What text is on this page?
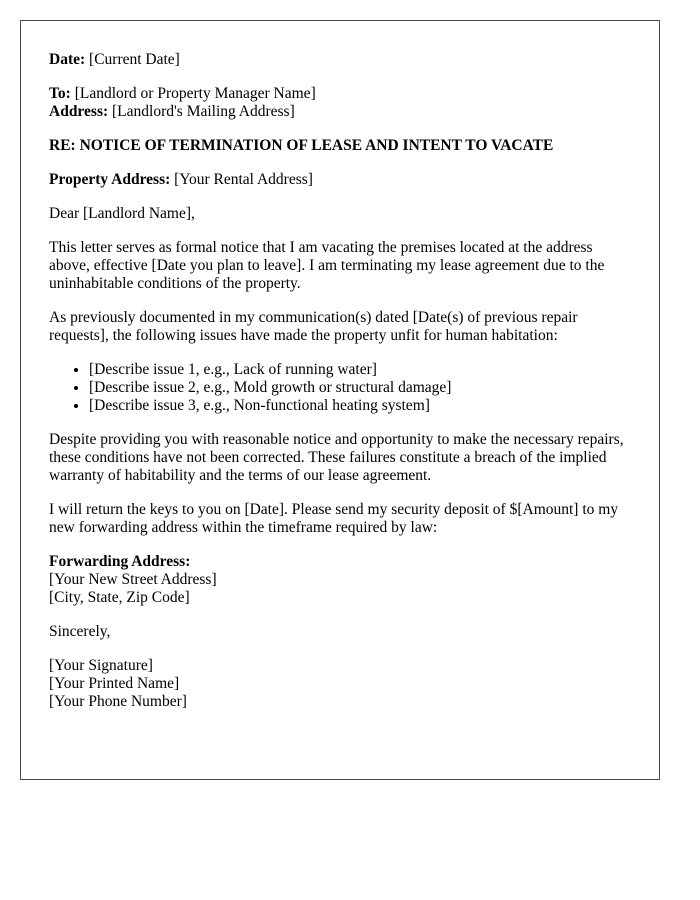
Date: [Current Date]

To: [Landlord or Property Manager Name]
Address: [Landlord's Mailing Address]

RE: NOTICE OF TERMINATION OF LEASE AND INTENT TO VACATE

Property Address: [Your Rental Address]

Dear [Landlord Name],

This letter serves as formal notice that I am vacating the premises located at the address above, effective [Date you plan to leave]. I am terminating my lease agreement due to the uninhabitable conditions of the property.

As previously documented in my communication(s) dated [Date(s) of previous repair requests], the following issues have made the property unfit for human habitation:

• [Describe issue 1, e.g., Lack of running water]
• [Describe issue 2, e.g., Mold growth or structural damage]
• [Describe issue 3, e.g., Non-functional heating system]

Despite providing you with reasonable notice and opportunity to make the necessary repairs, these conditions have not been corrected. These failures constitute a breach of the implied warranty of habitability and the terms of our lease agreement.

I will return the keys to you on [Date]. Please send my security deposit of $[Amount] to my new forwarding address within the timeframe required by law:

Forwarding Address:
[Your New Street Address]
[City, State, Zip Code]

Sincerely,

[Your Signature]
[Your Printed Name]
[Your Phone Number]
